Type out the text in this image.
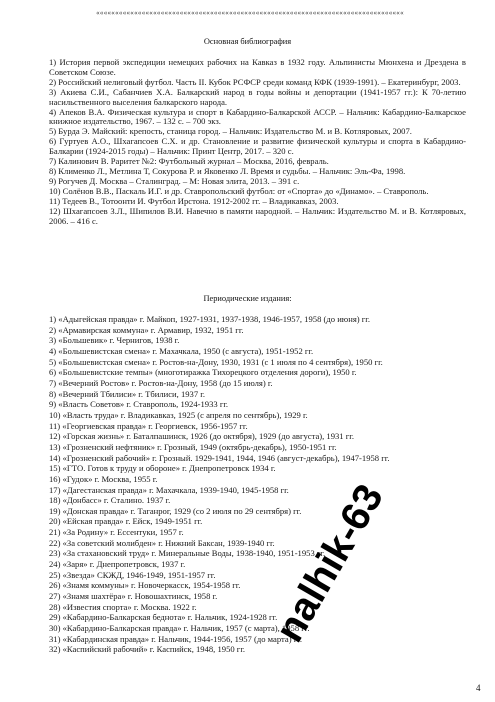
«««««««««««««««««««««««««««««««««««««««««««««««««««««««««««««««««««««««««««««««««
Основная библиография
1) История первой экспедиции немецких рабочих на Кавказ в 1932 году. Альпинисты Мюнхена и Дрездена в Советском Союзе.
2) Российский нелиговый футбол. Часть II. Кубок РСФСР среди команд КФК (1939-1991). – Екатеринбург, 2003.
3) Акиева С.И., Сабанчиев Х.А. Балкарский народ в годы войны и депортации (1941-1957 гг.): К 70-летию насильственного выселения балкарского народа.
4) Апеков В.А. Физическая культура и спорт в Кабардино-Балкарской АССР. – Нальчик: Кабардино-Балкарское книжное издательство, 1967. – 132 с. – 700 экз.
5) Бурда Э. Майский: крепость, станица город. – Нальчик: Издательство М. и В. Котляровых, 2007.
6) Гуртуев А.О., Шхагапсоев С.Х. и др. Становление и развитие физической культуры и спорта в Кабардино-Балкарии (1924-2015 годы) – Нальчик: Принт Центр, 2017. – 320 с.
7) Калинович В. Раритет №2: Футбольный журнал – Москва, 2016, февраль.
8) Клименко Л., Метлина Т, Сокурова Р. и Яковенко Л. Время и судьбы. – Нальчик: Эль-Фа, 1998.
9) Рогучев Д. Москва – Сталинград. – М: Новая элита, 2013. – 391 с.
10) Солёнов В.В., Паскаль И.Г. и др. Ставропольский футбол: от «Спорта» до «Динамо». – Ставрополь.
11) Тедеев В., Тотоонти И. Футбол Ирстона. 1912-2002 гг. – Владикавказ, 2003.
12) Шхагапсоев З.Л., Шипилов В.И. Навечно в памяти народной. – Нальчик: Издательство М. и В. Котляровых, 2006. – 416 с.
Периодические издания:
1) «Адыгейская правда» г. Майкоп, 1927-1931, 1937-1938, 1946-1957, 1958 (до июня) гг.
2) «Армавирская коммуна» г. Армавир, 1932, 1951 гг.
3) «Большевик» г. Чернигов, 1938 г.
4) «Большевистская смена» г. Махачкала, 1950 (с августа), 1951-1952 гг.
5) «Большевистская смена» г. Ростов-на-Дону, 1930, 1931 (с 1 июля по 4 сентября), 1950 гг.
6) «Большевистские темпы» (многотиражка Тихорецкого отделения дороги), 1950 г.
7) «Вечерний Ростов» г. Ростов-на-Дону, 1958 (до 15 июля) г.
8) «Вечерний Тбилиси» г. Тбилиси, 1937 г.
9) «Власть Советов» г. Ставрополь, 1924-1933 гг.
10) «Власть труда» г. Владикавказ, 1925 (с апреля по сентябрь), 1929 г.
11) «Георгиевская правда» г. Георгиевск, 1956-1957 гг.
12) «Горская жизнь» г. Баталпашинск, 1926 (до октября), 1929 (до августа), 1931 гг.
13) «Грозненский нефтяник» г. Грозный, 1949 (октябрь-декабрь), 1950-1951 гг.
14) «Грозненский рабочий» г. Грозный. 1929-1941, 1944, 1946 (август-декабрь), 1947-1958 гг.
15) «ГТО. Готов к труду и обороне» г. Днепропетровск 1934 г.
16) «Гудок» г. Москва, 1955 г.
17) «Дагестанская правда» г. Махачкала, 1939-1940, 1945-1958 гг.
18) «Донбасс» г. Сталино. 1937 г.
19) «Донская правда» г. Таганрог, 1929 (со 2 июля по 29 сентября) гг.
20) «Ейская правда» г. Ейск, 1949-1951 гг.
21) «За Родину» г. Ессентуки, 1957 г.
22) «За советский молибден» г. Нижний Баксан, 1939-1940 гг.
23) «За стахановский труд» г. Минеральные Воды, 1938-1940, 1951-1953 гг.
24) «Заря» г. Днепропетровск, 1937 г.
25) «Звезда» СКЖД, 1946-1949, 1951-1957 гг.
26) «Знамя коммуны» г. Новочеркасск, 1954-1958 гг.
27) «Знамя шахтёра» г. Новошахтинск, 1958 г.
28) «Известия спорта» г. Москва. 1922 г.
29) «Кабардино-Балкарская беднота» г. Нальчик, 1924-1928 гг.
30) «Кабардино-Балкарская правда» г. Нальчик, 1957 (с марта), 1958 гг.
31) «Кабардинская правда» г. Нальчик, 1944-1956, 1957 (до марта) гг.
32) «Каспийский рабочий» г. Каспийск, 1948, 1950 гг.
nalhik-63
4
